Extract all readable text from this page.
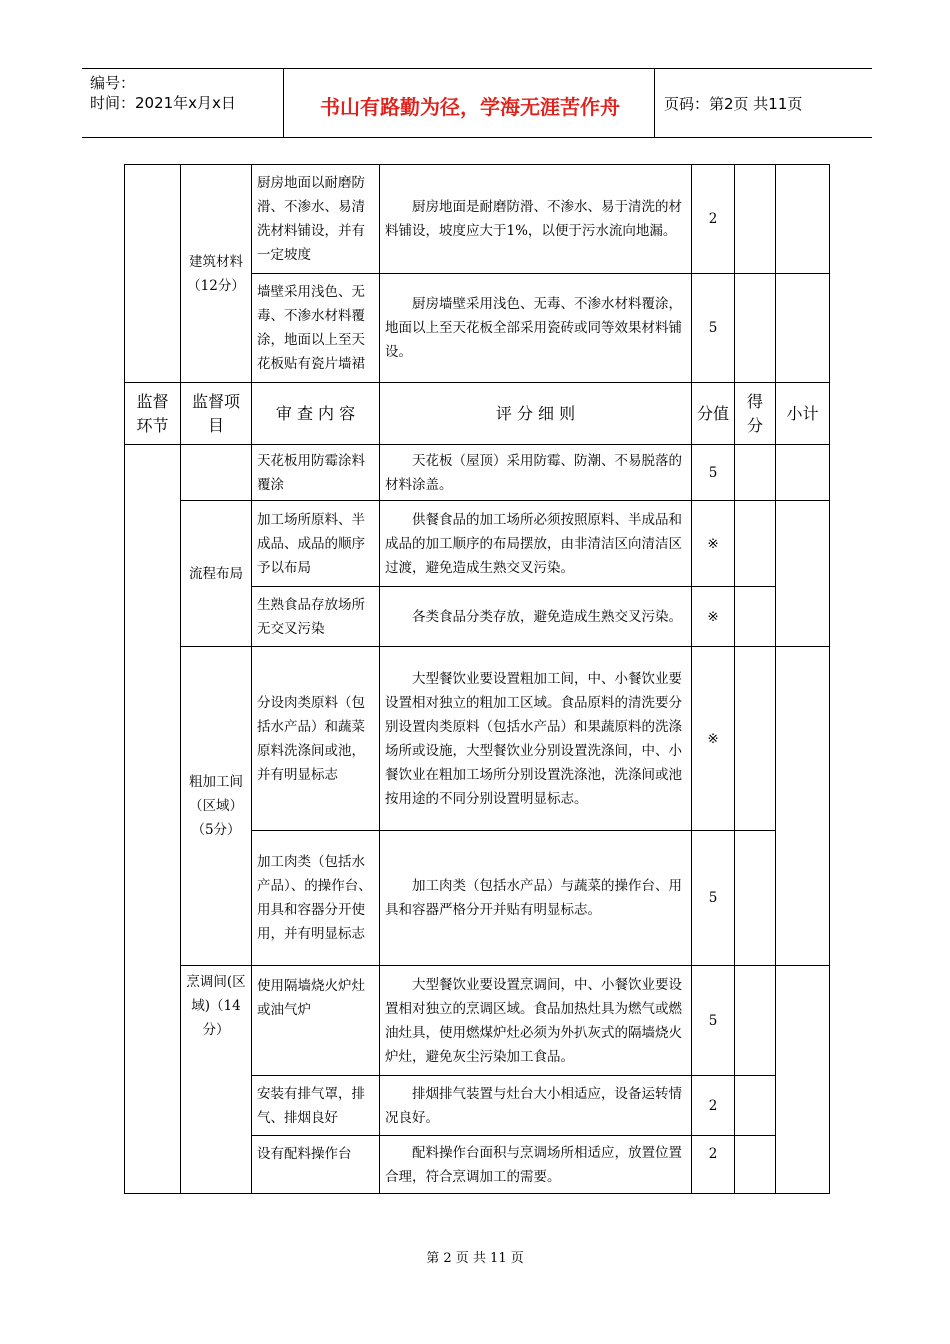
编号：
时间：2021年x月x日	书山有路勤为径，学海无涯苦作舟	页码：第2页 共11页
	建筑材料（12分）	厨房地面以耐磨防滑、不渗水、易清洗材料铺设，并有一定坡度	厨房地面是耐磨防滑、不渗水、易于清洗的材料铺设，坡度应大于1%，以便于污水流向地漏。	2		
		墙壁采用浅色、无毒、不渗水材料覆涂，地面以上至天花板贴有瓷片墙裙	厨房墙壁采用浅色、无毒、不渗水材料覆涂，地面以上至天花板全部采用瓷砖或同等效果材料铺设。	5		
监督环节	监督项目	审 查 内 容	评 分 细 则	分值	得分	小计
		天花板用防霉涂料覆涂	天花板（屋顶）采用防霉、防潮、不易脱落的材料涂盖。	5		
	流程布局	加工场所原料、半成品、成品的顺序予以布局	供餐食品的加工场所必须按照原料、半成品和成品的加工顺序的布局摆放，由非清洁区向清洁区过渡，避免造成生熟交叉污染。	※		
		生熟食品存放场所无交叉污染	各类食品分类存放，避免造成生熟交叉污染。	※		
	粗加工间（区域）（5分）	分设肉类原料（包括水产品）和蔬菜原料洗涤间或池，并有明显标志	大型餐饮业要设置粗加工间，中、小餐饮业要设置相对独立的粗加工区域。食品原料的清洗要分别设置肉类原料（包括水产品）和果蔬原料的洗涤场所或设施，大型餐饮业分别设置洗涤间，中、小餐饮业在粗加工场所分别设置洗涤池，洗涤间或池按用途的不同分别设置明显标志。	※		
		加工肉类（包括水产品）、的操作台、用具和容器分开使用，并有明显标志	加工肉类（包括水产品）与蔬菜的操作台、用具和容器严格分开并贴有明显标志。	5		
	烹调间(区域)（14分）	使用隔墙烧火炉灶或油气炉	大型餐饮业要设置烹调间，中、小餐饮业要设置相对独立的烹调区域。食品加热灶具为燃气或燃油灶具，使用燃煤炉灶必须为外扒灰式的隔墙烧火炉灶，避免灰尘污染加工食品。	5		
		安装有排气罩，排气、排烟良好	排烟排气装置与灶台大小相适应，设备运转情况良好。	2		
		设有配料操作台	配料操作台面积与烹调场所相适应，放置位置合理，符合烹调加工的需要。	2		
第 2 页 共 11 页
